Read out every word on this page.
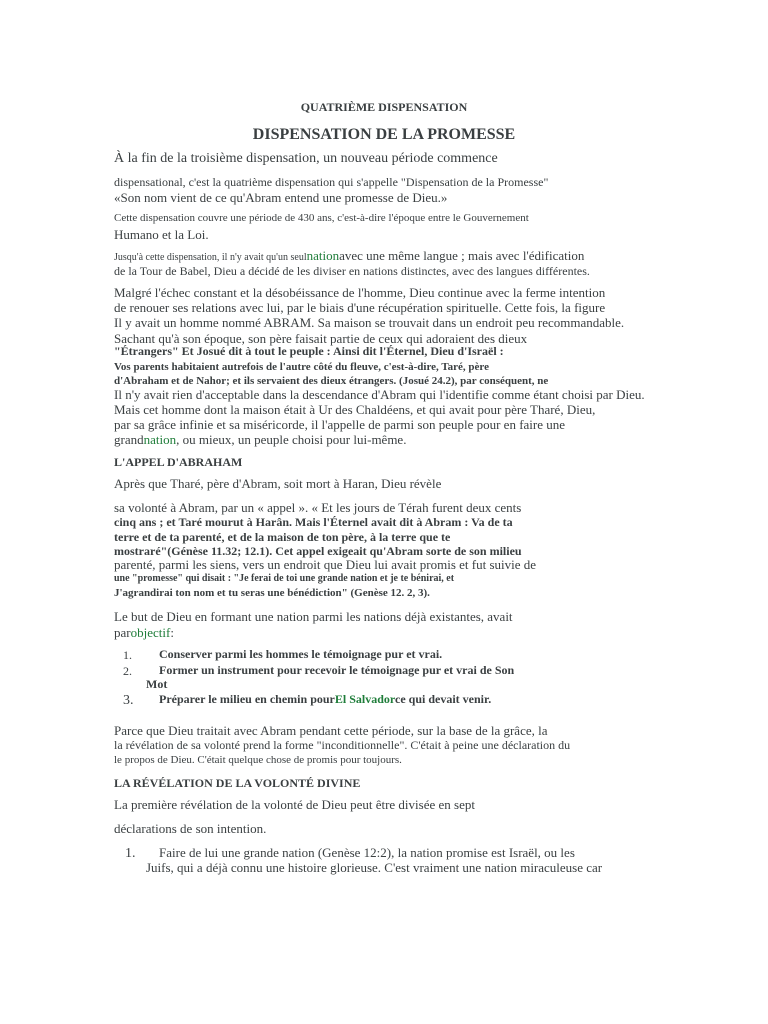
QUATRIÈME DISPENSATION
DISPENSATION DE LA PROMESSE
À la fin de la troisième dispensation, un nouveau période commence
dispensational, c'est la quatrième dispensation qui s'appelle "Dispensation de la Promesse"
«Son nom vient de ce qu'Abram entend une promesse de Dieu.»
Cette dispensation couvre une période de 430 ans, c'est-à-dire l'époque entre le Gouvernement
Humano et la Loi.
Jusqu'à cette dispensation, il n'y avait qu'un seulnationavec une même langue ; mais avec l'édification
de la Tour de Babel, Dieu a décidé de les diviser en nations distinctes, avec des langues différentes.
Malgré l'échec constant et la désobéissance de l'homme, Dieu continue avec la ferme intention
de renouer ses relations avec lui, par le biais d'une récupération spirituelle. Cette fois, la figure
Il y avait un homme nommé ABRAM. Sa maison se trouvait dans un endroit peu recommandable.
Sachant qu'à son époque, son père faisait partie de ceux qui adoraient des dieux
"Étrangers" Et Josué dit à tout le peuple : Ainsi dit l'Éternel, Dieu d'Israël :
Vos parents habitaient autrefois de l'autre côté du fleuve, c'est-à-dire, Taré, père
d'Abraham et de Nahor; et ils servaient des dieux étrangers. (Josué 24.2), par conséquent, ne
Il n'y avait rien d'acceptable dans la descendance d'Abram qui l'identifie comme étant choisi par Dieu.
Mais cet homme dont la maison était à Ur des Chaldéens, et qui avait pour père Tharé, Dieu,
par sa grâce infinie et sa miséricorde, il l'appelle de parmi son peuple pour en faire une
grandnation, ou mieux, un peuple choisi pour lui-même.
L'APPEL D'ABRAHAM
Après que Tharé, père d'Abram, soit mort à Haran, Dieu révèle
sa volonté à Abram, par un « appel ». « Et les jours de Térah furent deux cents
cinq ans ; et Taré mourut à Harân. Mais l'Éternel avait dit à Abram : Va de ta
terre et de ta parenté, et de la maison de ton père, à la terre que te
mostraré"(Génèse 11.32; 12.1). Cet appel exigeait qu'Abram sorte de son milieu
parenté, parmi les siens, vers un endroit que Dieu lui avait promis et fut suivie de
une "promesse" qui disait : "Je ferai de toi une grande nation et je te bénirai, et
J'agrandirai ton nom et tu seras une bénédiction" (Genèse 12. 2, 3).
Le but de Dieu en formant une nation parmi les nations déjà existantes, avait
parobjectif:
1. Conserver parmi les hommes le témoignage pur et vrai.
2. Former un instrument pour recevoir le témoignage pur et vrai de Son
Mot
3. Préparer le milieu en chemin pourEl Salvadorce qui devait venir.
Parce que Dieu traitait avec Abram pendant cette période, sur la base de la grâce, la
la révélation de sa volonté prend la forme "inconditionnelle". C'était à peine une déclaration du
le propos de Dieu. C'était quelque chose de promis pour toujours.
LA RÉVÉLATION DE LA VOLONTÉ DIVINE
La première révélation de la volonté de Dieu peut être divisée en sept
déclarations de son intention.
1. Faire de lui une grande nation (Genèse 12:2), la nation promise est Israël, ou les
Juifs, qui a déjà connu une histoire glorieuse. C'est vraiment une nation miraculeuse car
